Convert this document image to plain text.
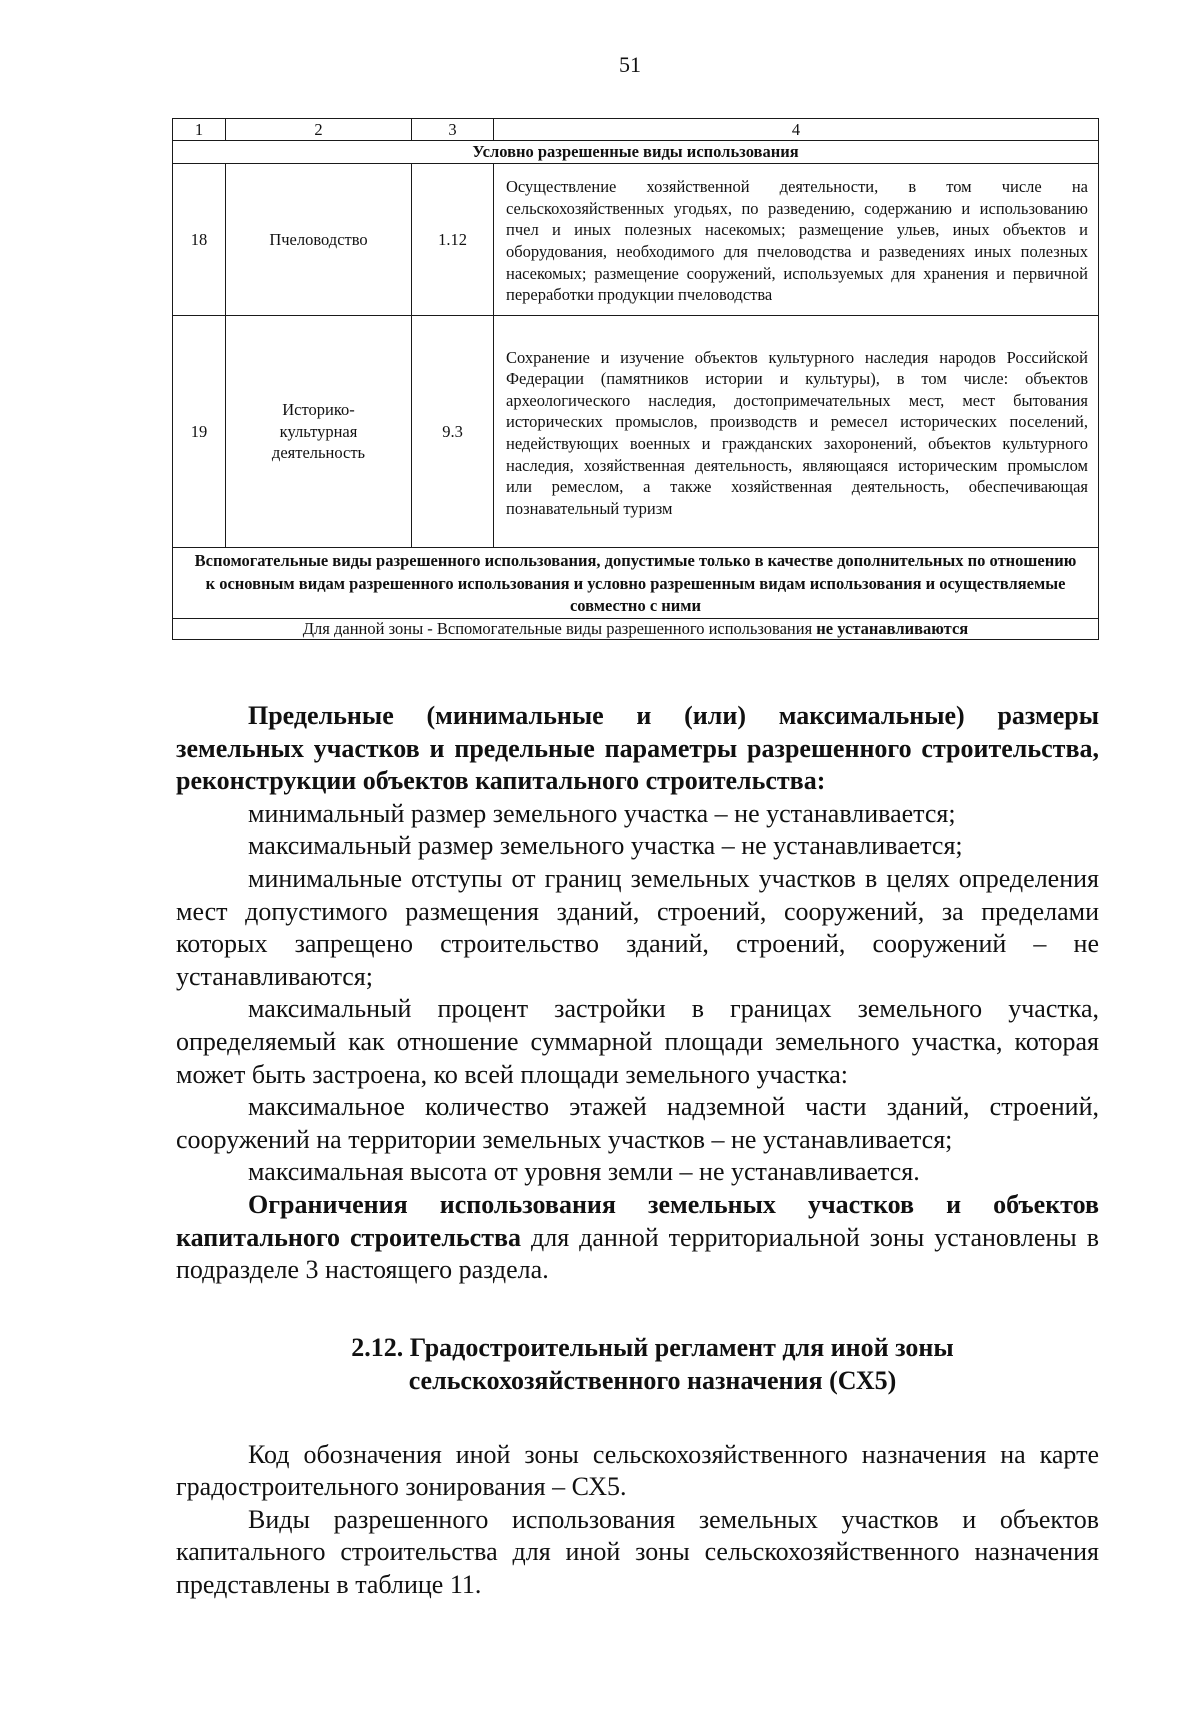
51
1	2	3	4
Условно разрешенные виды использования			
18	Пчеловодство	1.12	Осуществление хозяйственной деятельности, в том числе на сельскохозяйственных угодьях, по разведению, содержанию и использованию пчел и иных полезных насекомых; размещение ульев, иных объектов и оборудования, необходимого для пчеловодства и разведениях иных полезных насекомых; размещение сооружений, используемых для хранения и первичной переработки продукции пчеловодства
19	Историко-культурная деятельность	9.3	Сохранение и изучение объектов культурного наследия народов Российской Федерации (памятников истории и культуры), в том числе: объектов археологического наследия, достопримечательных мест, мест бытования исторических промыслов, производств и ремесел исторических поселений, недействующих военных и гражданских захоронений, объектов культурного наследия, хозяйственная деятельность, являющаяся историческим промыслом или ремеслом, а также хозяйственная деятельность, обеспечивающая познавательный туризм
Вспомогательные виды разрешенного использования, допустимые только в качестве дополнительных по отношению к основным видам разрешенного использования и условно разрешенным видам использования и осуществляемые совместно с ними			
Для данной зоны - Вспомогательные виды разрешенного использования не устанавливаются			

Предельные (минимальные и (или) максимальные) размеры земельных участков и предельные параметры разрешенного строительства, реконструкции объектов капитального строительства:

минимальный размер земельного участка – не устанавливается;

максимальный размер земельного участка – не устанавливается;

минимальные отступы от границ земельных участков в целях определения мест допустимого размещения зданий, строений, сооружений, за пределами которых запрещено строительство зданий, строений, сооружений – не устанавливаются;

максимальный процент застройки в границах земельного участка, определяемый как отношение суммарной площади земельного участка, которая может быть застроена, ко всей площади земельного участка:

максимальное количество этажей надземной части зданий, строений, сооружений на территории земельных участков – не устанавливается;

максимальная высота от уровня земли – не устанавливается.

Ограничения использования земельных участков и объектов капитального строительства для данной территориальной зоны установлены в подразделе 3 настоящего раздела.

2.12. Градостроительный регламент для иной зоны
сельскохозяйственного назначения (СХ5)

Код обозначения иной зоны сельскохозяйственного назначения на карте градостроительного зонирования – СХ5.

Виды разрешенного использования земельных участков и объектов капитального строительства для иной зоны сельскохозяйственного назначения представлены в таблице 11.
